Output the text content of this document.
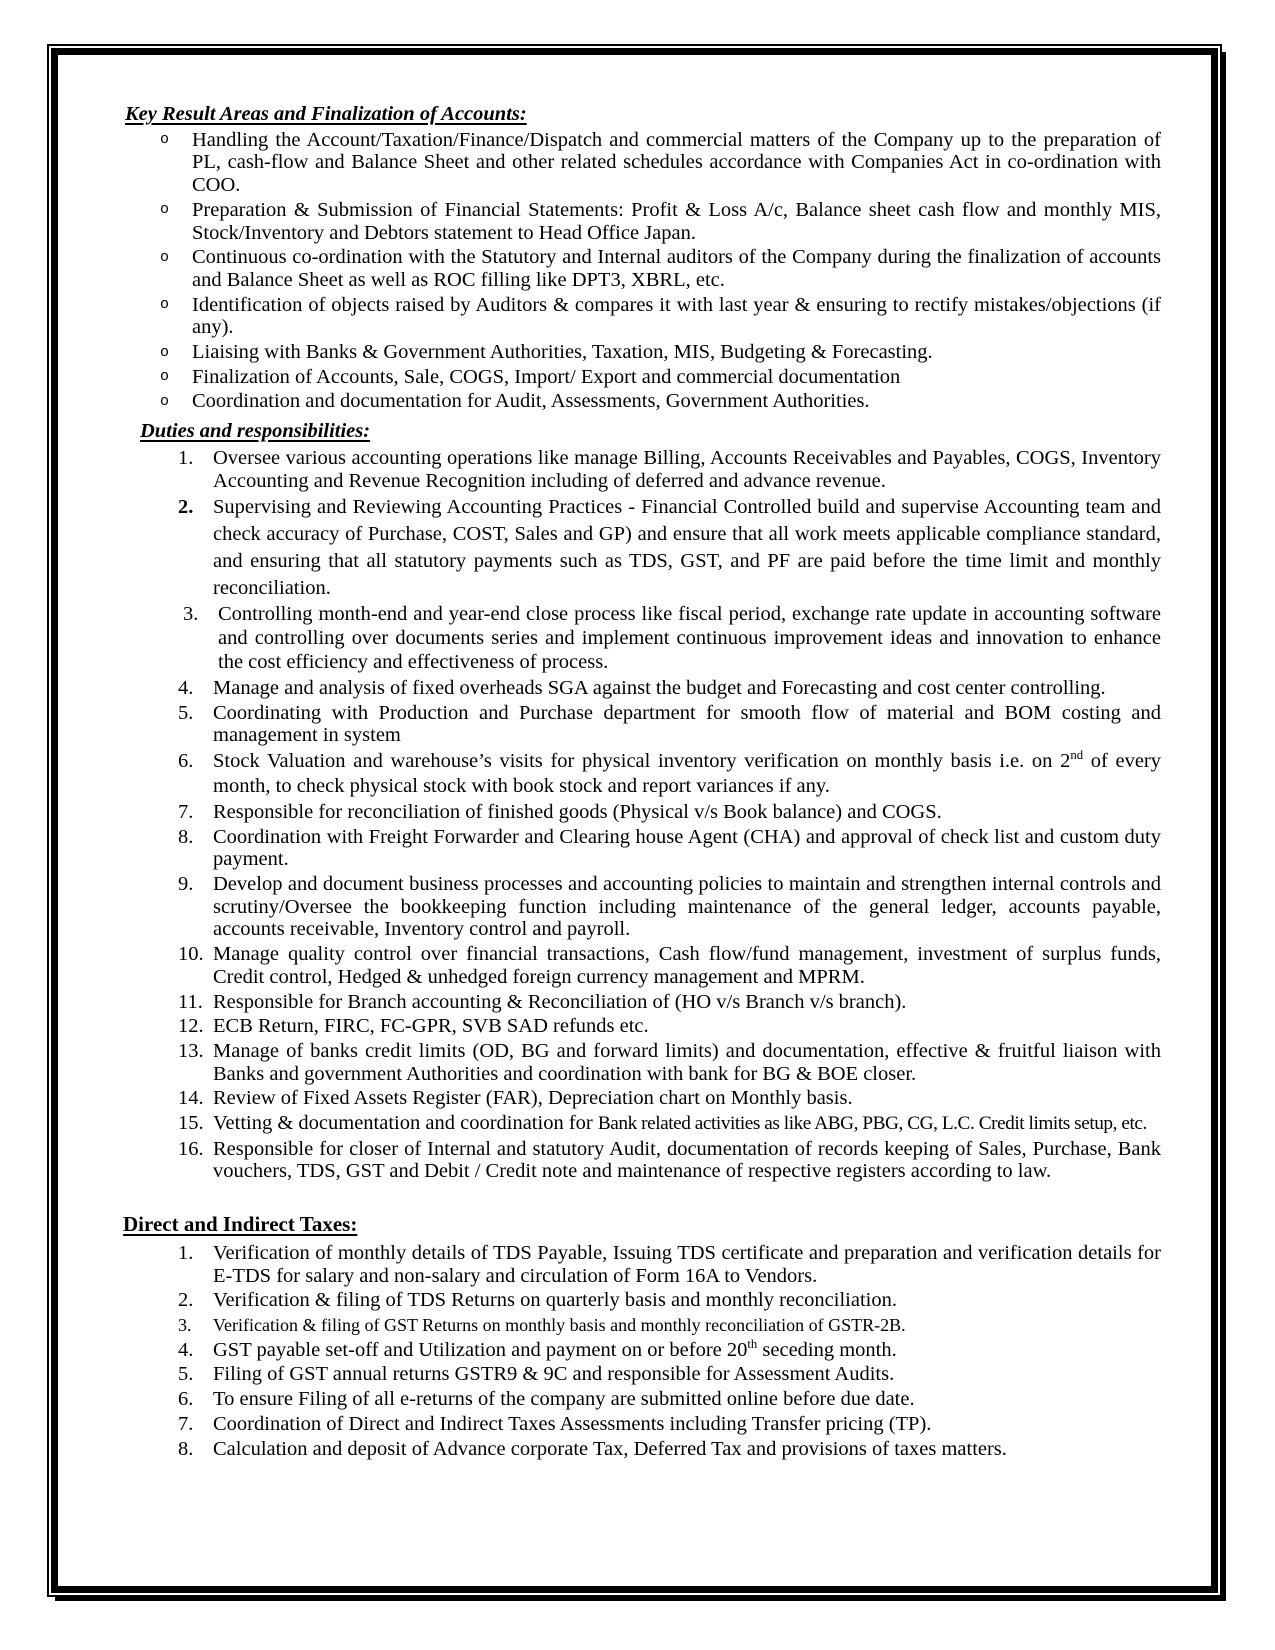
Key Result Areas and Finalization of Accounts:
o Handling the Account/Taxation/Finance/Dispatch and commercial matters of the Company up to the preparation of PL, cash-flow and Balance Sheet and other related schedules accordance with Companies Act in co-ordination with COO.
o Preparation & Submission of Financial Statements: Profit & Loss A/c, Balance sheet cash flow and monthly MIS, Stock/Inventory and Debtors statement to Head Office Japan.
o Continuous co-ordination with the Statutory and Internal auditors of the Company during the finalization of accounts and Balance Sheet as well as ROC filling like DPT3, XBRL, etc.
o Identification of objects raised by Auditors & compares it with last year & ensuring to rectify mistakes/objections (if any).
o Liaising with Banks & Government Authorities, Taxation, MIS, Budgeting & Forecasting.
o Finalization of Accounts, Sale, COGS, Import/ Export and commercial documentation
o Coordination and documentation for Audit, Assessments, Government Authorities.
Duties and responsibilities:
Oversee various accounting operations like manage Billing, Accounts Receivables and Payables, COGS, Inventory Accounting and Revenue Recognition including of deferred and advance revenue.
Supervising and Reviewing Accounting Practices - Financial Controlled build and supervise Accounting team and check accuracy of Purchase, COST, Sales and GP) and ensure that all work meets applicable compliance standard, and ensuring that all statutory payments such as TDS, GST, and PF are paid before the time limit and monthly reconciliation.
Controlling month-end and year-end close process like fiscal period, exchange rate update in accounting software and controlling over documents series and implement continuous improvement ideas and innovation to enhance the cost efficiency and effectiveness of process.
Manage and analysis of fixed overheads SGA against the budget and Forecasting and cost center controlling.
Coordinating with Production and Purchase department for smooth flow of material and BOM costing and management in system
Stock Valuation and warehouse’s visits for physical inventory verification on monthly basis i.e. on 2nd of every month, to check physical stock with book stock and report variances if any.
Responsible for reconciliation of finished goods (Physical v/s Book balance) and COGS.
Coordination with Freight Forwarder and Clearing house Agent (CHA) and approval of check list and custom duty payment.
Develop and document business processes and accounting policies to maintain and strengthen internal controls and scrutiny/Oversee the bookkeeping function including maintenance of the general ledger, accounts payable, accounts receivable, Inventory control and payroll.
Manage quality control over financial transactions, Cash flow/fund management, investment of surplus funds, Credit control, Hedged & unhedged foreign currency management and MPRM.
Responsible for Branch accounting & Reconciliation of (HO v/s Branch v/s branch).
ECB Return, FIRC, FC-GPR, SVB SAD refunds etc.
Manage of banks credit limits (OD, BG and forward limits) and documentation, effective & fruitful liaison with Banks and government Authorities and coordination with bank for BG & BOE closer.
Review of Fixed Assets Register (FAR), Depreciation chart on Monthly basis.
Vetting & documentation and coordination for Bank related activities as like ABG, PBG, CG, L.C. Credit limits setup, etc.
Responsible for closer of Internal and statutory Audit, documentation of records keeping of Sales, Purchase, Bank vouchers, TDS, GST and Debit / Credit note and maintenance of respective registers according to law.
Direct and Indirect Taxes:
Verification of monthly details of TDS Payable, Issuing TDS certificate and preparation and verification details for E-TDS for salary and non-salary and circulation of Form 16A to Vendors.
Verification & filing of TDS Returns on quarterly basis and monthly reconciliation.
Verification & filing of GST Returns on monthly basis and monthly reconciliation of GSTR-2B.
GST payable set-off and Utilization and payment on or before 20th seceding month.
Filing of GST annual returns GSTR9 & 9C and responsible for Assessment Audits.
To ensure Filing of all e-returns of the company are submitted online before due date.
Coordination of Direct and Indirect Taxes Assessments including Transfer pricing (TP).
Calculation and deposit of Advance corporate Tax, Deferred Tax and provisions of taxes matters.
